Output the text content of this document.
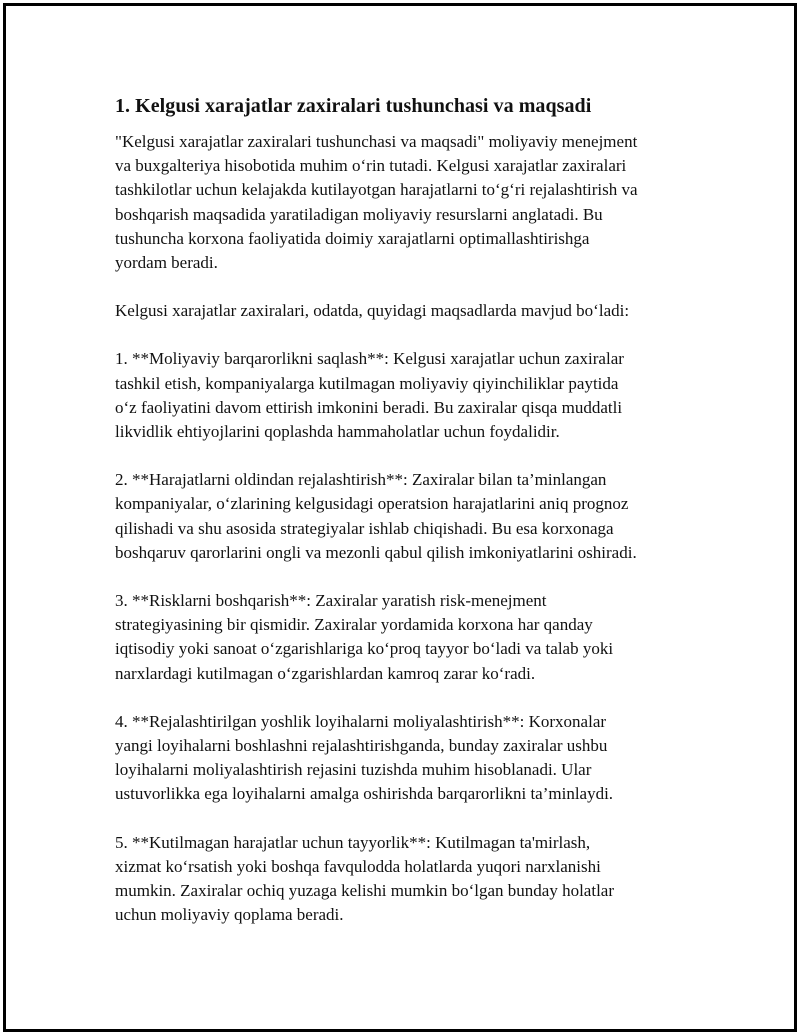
1. Kelgusi xarajatlar zaxiralari tushunchasi va maqsadi

"Kelgusi xarajatlar zaxiralari tushunchasi va maqsadi" moliyaviy menejment
va buxgalteriya hisobotida muhim o‘rin tutadi. Kelgusi xarajatlar zaxiralari
tashkilotlar uchun kelajakda kutilayotgan harajatlarni to‘g‘ri rejalashtirish va
boshqarish maqsadida yaratiladigan moliyaviy resurslarni anglatadi. Bu
tushuncha korxona faoliyatida doimiy xarajatlarni optimallashtirishga
yordam beradi.

Kelgusi xarajatlar zaxiralari, odatda, quyidagi maqsadlarda mavjud bo‘ladi:

1. **Moliyaviy barqarorlikni saqlash**: Kelgusi xarajatlar uchun zaxiralar
tashkil etish, kompaniyalarga kutilmagan moliyaviy qiyinchiliklar paytida
o‘z faoliyatini davom ettirish imkonini beradi. Bu zaxiralar qisqa muddatli
likvidlik ehtiyojlarini qoplashda hammaholatlar uchun foydalidir.

2. **Harajatlarni oldindan rejalashtirish**: Zaxiralar bilan ta’minlangan
kompaniyalar, o‘zlarining kelgusidagi operatsion harajatlarini aniq prognoz
qilishadi va shu asosida strategiyalar ishlab chiqishadi. Bu esa korxonaga
boshqaruv qarorlarini ongli va mezonli qabul qilish imkoniyatlarini oshiradi.

3. **Risklarni boshqarish**: Zaxiralar yaratish risk-menejment
strategiyasining bir qismidir. Zaxiralar yordamida korxona har qanday
iqtisodiy yoki sanoat o‘zgarishlariga ko‘proq tayyor bo‘ladi va talab yoki
narxlardagi kutilmagan o‘zgarishlardan kamroq zarar ko‘radi.

4. **Rejalashtirilgan yoshlik loyihalarni moliyalashtirish**: Korxonalar
yangi loyihalarni boshlashni rejalashtirishganda, bunday zaxiralar ushbu
loyihalarni moliyalashtirish rejasini tuzishda muhim hisoblanadi. Ular
ustuvorlikka ega loyihalarni amalga oshirishda barqarorlikni ta’minlaydi.

5. **Kutilmagan harajatlar uchun tayyorlik**: Kutilmagan ta'mirlash,
xizmat ko‘rsatish yoki boshqa favqulodda holatlarda yuqori narxlanishi
mumkin. Zaxiralar ochiq yuzaga kelishi mumkin bo‘lgan bunday holatlar
uchun moliyaviy qoplama beradi.
